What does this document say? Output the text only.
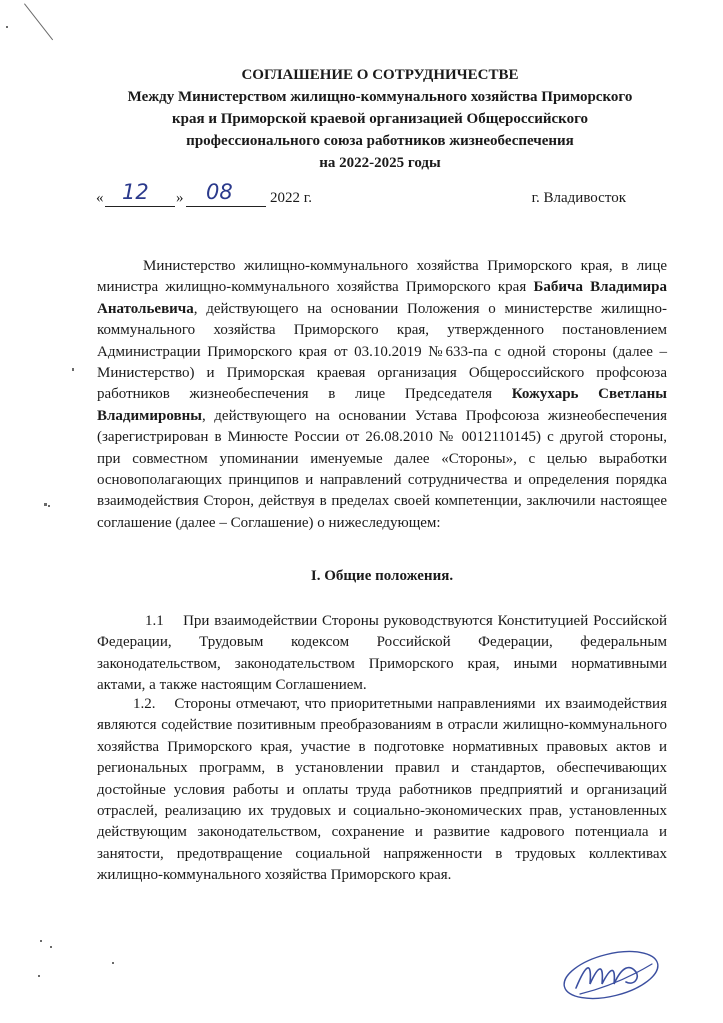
СОГЛАШЕНИЕ О СОТРУДНИЧЕСТВЕ
Между Министерством жилищно-коммунального хозяйства Приморского
края и Приморской краевой организацией Общероссийского
профессионального союза работников жизнеобеспечения
на 2022-2025 годы
« 12 » 08 2022 г.	г. Владивосток

Министерство жилищно-коммунального хозяйства Приморского края, в лице министра жилищно-коммунального хозяйства Приморского края Бабича Владимира Анатольевича, действующего на основании Положения о министерстве жилищно-коммунального хозяйства Приморского края, утвержденного постановлением Администрации Приморского края от 03.10.2019 №633-па с одной стороны (далее – Министерство) и Приморская краевая организация Общероссийского профсоюза работников жизнеобеспечения в лице Председателя Кожухарь Светланы Владимировны, действующего на основании Устава Профсоюза жизнеобеспечения (зарегистрирован в Минюсте России от 26.08.2010 № 0012110145) с другой стороны, при совместном упоминании именуемые далее «Стороны», с целью выработки основополагающих принципов и направлений сотрудничества и определения порядка взаимодействия Сторон, действуя в пределах своей компетенции, заключили настоящее соглашение (далее – Соглашение) о нижеследующем:

I. Общие положения.

1.1    При взаимодействии Стороны руководствуются Конституцией Российской Федерации, Трудовым кодексом Российской Федерации, федеральным законодательством, законодательством Приморского края, иными нормативными актами, а также настоящим Соглашением.

1.2.    Стороны отмечают, что приоритетными направлениями  их взаимодействия являются содействие позитивным преобразованиям в отрасли жилищно-коммунального хозяйства Приморского края, участие в подготовке нормативных правовых актов и региональных программ, в установлении правил и стандартов, обеспечивающих достойные условия работы и оплаты труда работников предприятий и организаций отраслей, реализацию их трудовых и социально-экономических прав, установленных действующим законодательством, сохранение и развитие кадрового потенциала и занятости, предотвращение социальной напряженности в трудовых коллективах  жилищно-коммунального хозяйства Приморского края.
